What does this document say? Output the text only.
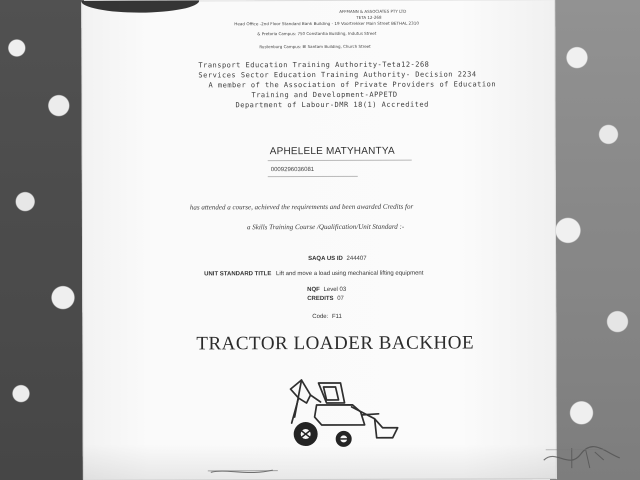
AFFMANN & ASSOCIATES PTY LTD
TETA 12-268
Head Office -2nd Floor Standard Bank Building - 19 Voortrekker Main Street BETHAL 2310
& Pretoria Campus: 750 Constantia Building, Indutus Street
Rustenburg Campus: Bl Santam Building, Church Street
Transport Education Training Authority-Teta12-268
Services Sector Education Training Authority- Decision 2234
A member of the Association of Private Providers of Education
Training and Development-APPETD
Department of Labour-DMR 18(1) Accredited
APHELELE MATYHANTYA
0009296036081
has attended a course, achieved the requirements and been awarded Credits for
a Skills Training Course /Qualification/Unit Standard :-
SAQA US ID 244407
UNIT STANDARD TITLE Lift and move a load using mechanical lifting equipment
NQF Level 03
CREDITS 07
Code: F11
TRACTOR LOADER BACKHOE
